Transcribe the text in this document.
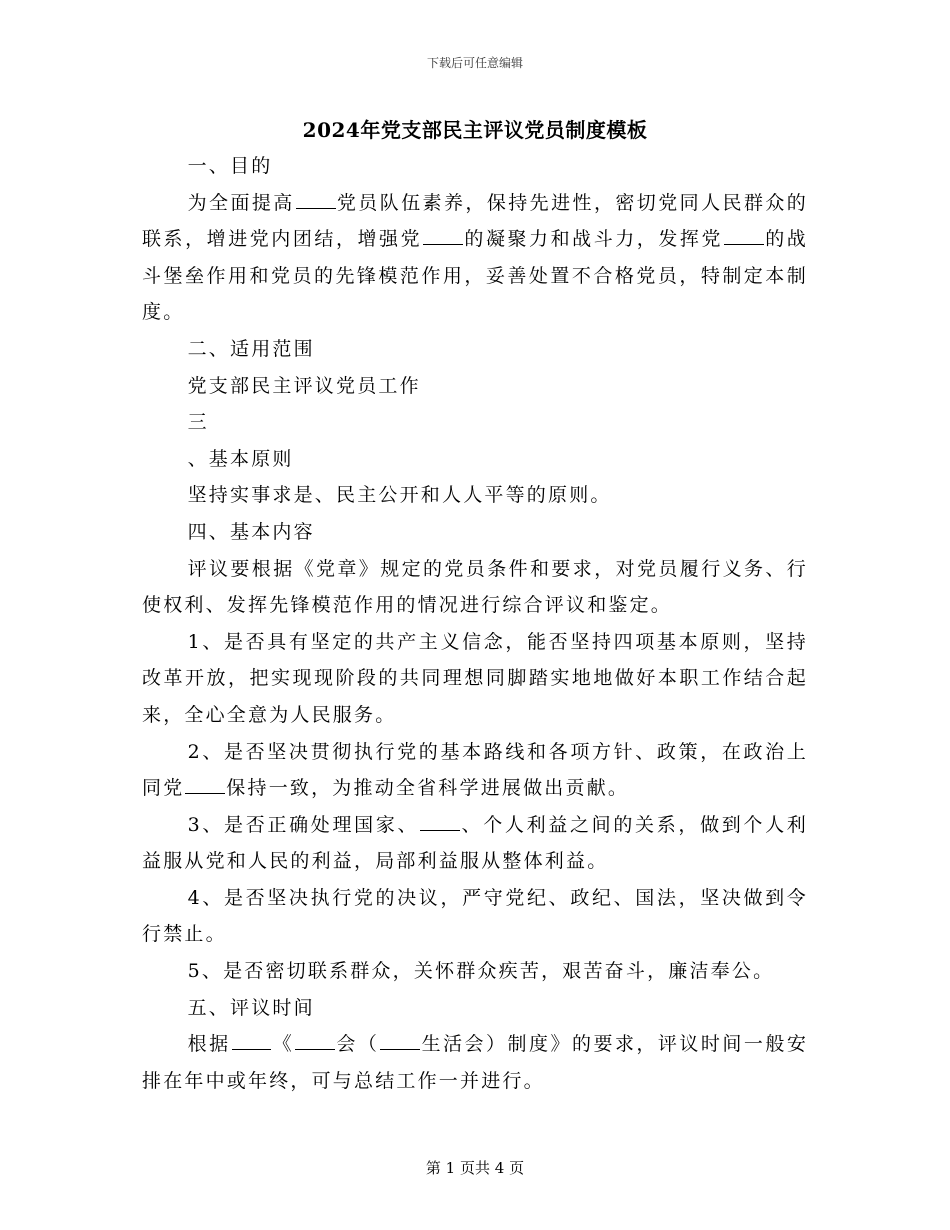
下载后可任意编辑
2024年党支部民主评议党员制度模板

一、目的

为全面提高 党员队伍素养，保持先进性，密切党同人民群众的联系，增进党内团结，增强党 的凝聚力和战斗力，发挥党 的战斗堡垒作用和党员的先锋模范作用，妥善处置不合格党员，特制定本制度。

二、适用范围

党支部民主评议党员工作

三

、基本原则

坚持实事求是、民主公开和人人平等的原则。

四、基本内容

评议要根据《党章》规定的党员条件和要求，对党员履行义务、行使权利、发挥先锋模范作用的情况进行综合评议和鉴定。

1、是否具有坚定的共产主义信念，能否坚持四项基本原则，坚持改革开放，把实现现阶段的共同理想同脚踏实地地做好本职工作结合起来，全心全意为人民服务。

2、是否坚决贯彻执行党的基本路线和各项方针、政策，在政治上同党 保持一致，为推动全省科学进展做出贡献。

3、是否正确处理国家、 、个人利益之间的关系，做到个人利益服从党和人民的利益，局部利益服从整体利益。

4、是否坚决执行党的决议，严守党纪、政纪、国法，坚决做到令行禁止。

5、是否密切联系群众，关怀群众疾苦，艰苦奋斗，廉洁奉公。

五、评议时间

根据 《 会（ 生活会）制度》的要求，评议时间一般安排在年中或年终，可与总结工作一并进行。

第 1 页共 4 页
